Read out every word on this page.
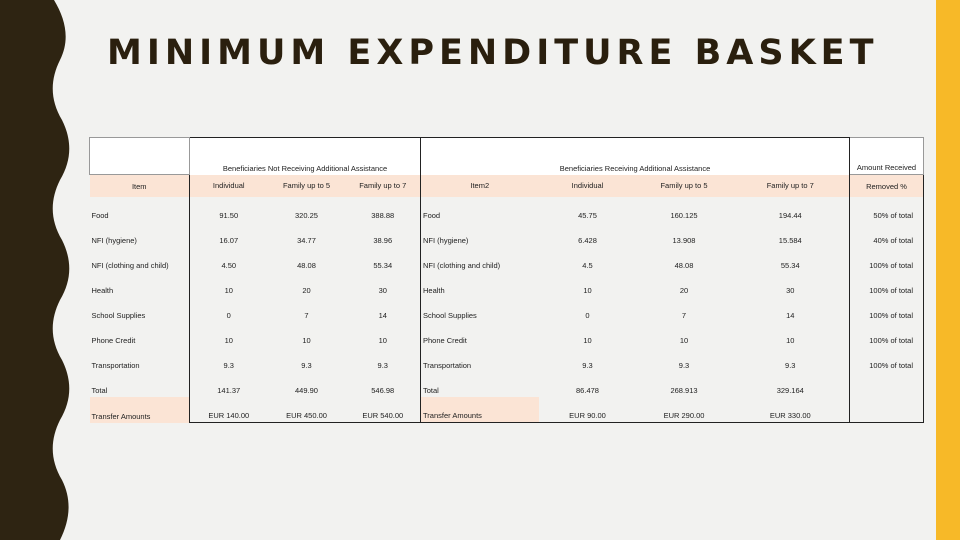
MINIMUM EXPENDITURE BASKET
	Beneficiaries Not Receiving Additional Assistance			Beneficiaries Receiving Additional Assistance				Amount Received
Item	Individual	Family up to 5	Family up to 7	Item2	Individual	Family up to 5	Family up to 7	Removed %
Food	91.50	320.25	388.88	Food	45.75	160.125	194.44	50% of total
NFI (hygiene)	16.07	34.77	38.96	NFI (hygiene)	6.428	13.908	15.584	40% of total
NFI (clothing and child)	4.50	48.08	55.34	NFI (clothing and child)	4.5	48.08	55.34	100% of total
Health	10	20	30	Health	10	20	30	100% of total
School Supplies	0	7	14	School Supplies	0	7	14	100% of total
Phone Credit	10	10	10	Phone Credit	10	10	10	100% of total
Transportation	9.3	9.3	9.3	Transportation	9.3	9.3	9.3	100% of total
Total	141.37	449.90	546.98	Total	86.478	268.913	329.164	
Transfer Amounts	EUR 140.00	EUR 450.00	EUR 540.00	Transfer Amounts	EUR 90.00	EUR 290.00	EUR 330.00	
